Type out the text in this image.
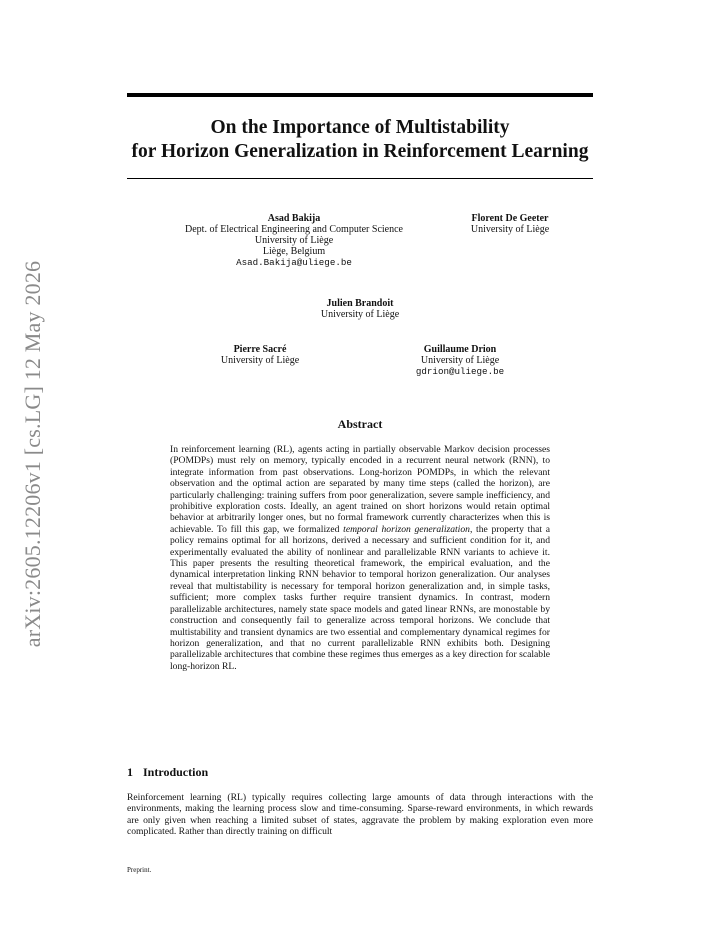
arXiv:2605.12206v1 [cs.LG] 12 May 2026
On the Importance of Multistability
for Horizon Generalization in Reinforcement Learning
Asad Bakija
Dept. of Electrical Engineering and Computer Science
University of Liège
Liège, Belgium
Asad.Bakija@uliege.be
Florent De Geeter
University of Liège
Julien Brandoit
University of Liège
Pierre Sacré
University of Liège
Guillaume Drion
University of Liège
gdrion@uliege.be
Abstract

In reinforcement learning (RL), agents acting in partially observable Markov decision processes (POMDPs) must rely on memory, typically encoded in a recurrent neural network (RNN), to integrate information from past observations. Long-horizon POMDPs, in which the relevant observation and the optimal action are separated by many time steps (called the horizon), are particularly challenging: training suffers from poor generalization, severe sample inefficiency, and prohibitive exploration costs. Ideally, an agent trained on short horizons would retain optimal behavior at arbitrarily longer ones, but no formal framework currently characterizes when this is achievable. To fill this gap, we formalized temporal horizon generalization, the property that a policy remains optimal for all horizons, derived a necessary and sufficient condition for it, and experimentally evaluated the ability of nonlinear and parallelizable RNN variants to achieve it. This paper presents the resulting theoretical framework, the empirical evaluation, and the dynamical interpretation linking RNN behavior to temporal horizon generalization. Our analyses reveal that multistability is necessary for temporal horizon generalization and, in simple tasks, sufficient; more complex tasks further require transient dynamics. In contrast, modern parallelizable architectures, namely state space models and gated linear RNNs, are monostable by construction and consequently fail to generalize across temporal horizons. We conclude that multistability and transient dynamics are two essential and complementary dynamical regimes for horizon generalization, and that no current parallelizable RNN exhibits both. Designing parallelizable architectures that combine these regimes thus emerges as a key direction for scalable long-horizon RL.

1 Introduction

Reinforcement learning (RL) typically requires collecting large amounts of data through interactions with the environments, making the learning process slow and time-consuming. Sparse-reward environments, in which rewards are only given when reaching a limited subset of states, aggravate the problem by making exploration even more complicated. Rather than directly training on difficult

Preprint.
